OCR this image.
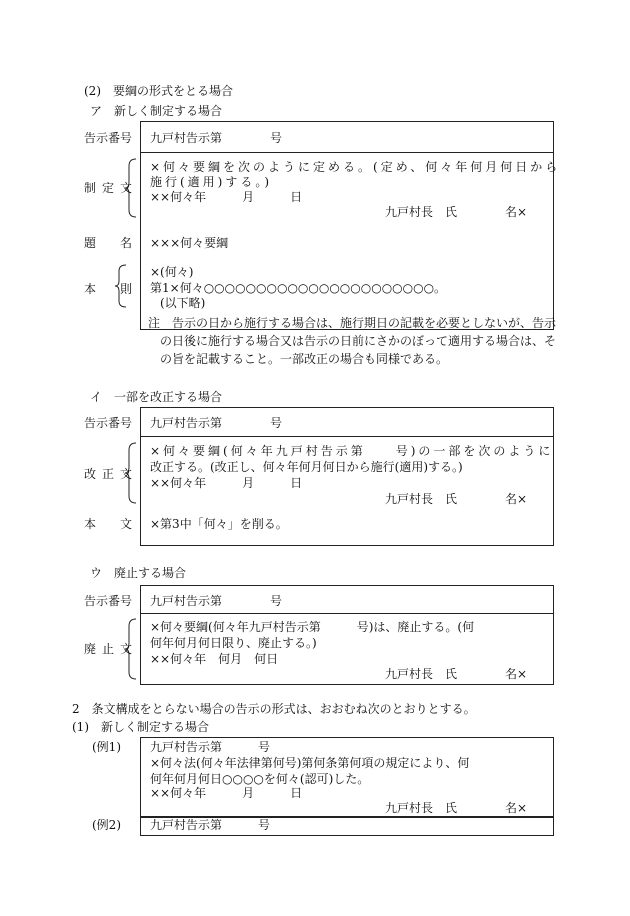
(2)　要綱の形式をとる場合
ア　新しく制定する場合
告示番号 九戸村告示第　　　　号
制定文
×何々要綱を次のように定める。(定め、何々年何月何日から
施行(適用)する。)
××何々年　　　月　　　日
九戸村長　氏　　　　名×
題　名 ×××何々要綱
本　則
×(何々)
第1×何々○○○○○○○○○○○○○○○○○○○○○○。
(以下略)
注　告示の日から施行する場合は、施行期日の記載を必要としないが、告示
の日後に施行する場合又は告示の日前にさかのぼって適用する場合は、そ
の旨を記載すること。一部改正の場合も同様である。
イ　一部を改正する場合
告示番号 九戸村告示第　　　　号
改正文
×何々要綱(何々年九戸村告示第　　号)の一部を次のように
改正する。(改正し、何々年何月何日から施行(適用)する。)
××何々年　　　月　　　日
九戸村長　氏　　　　名×
本　文 ×第3中「何々」を削る。
ウ　廃止する場合
告示番号 九戸村告示第　　　　号
廃止文
×何々要綱(何々年九戸村告示第　　　号)は、廃止する。(何
何年何月何日限り、廃止する。)
××何々年　何月　何日
九戸村長　氏　　　　名×
2　条文構成をとらない場合の告示の形式は、おおむね次のとおりとする。
(1)　新しく制定する場合
(例1) 九戸村告示第　　　号
×何々法(何々年法律第何号)第何条第何項の規定により、何
何年何月何日○○○○を何々(認可)した。
××何々年　　　月　　　日
九戸村長　氏　　　　名×
(例2) 九戸村告示第　　　号
